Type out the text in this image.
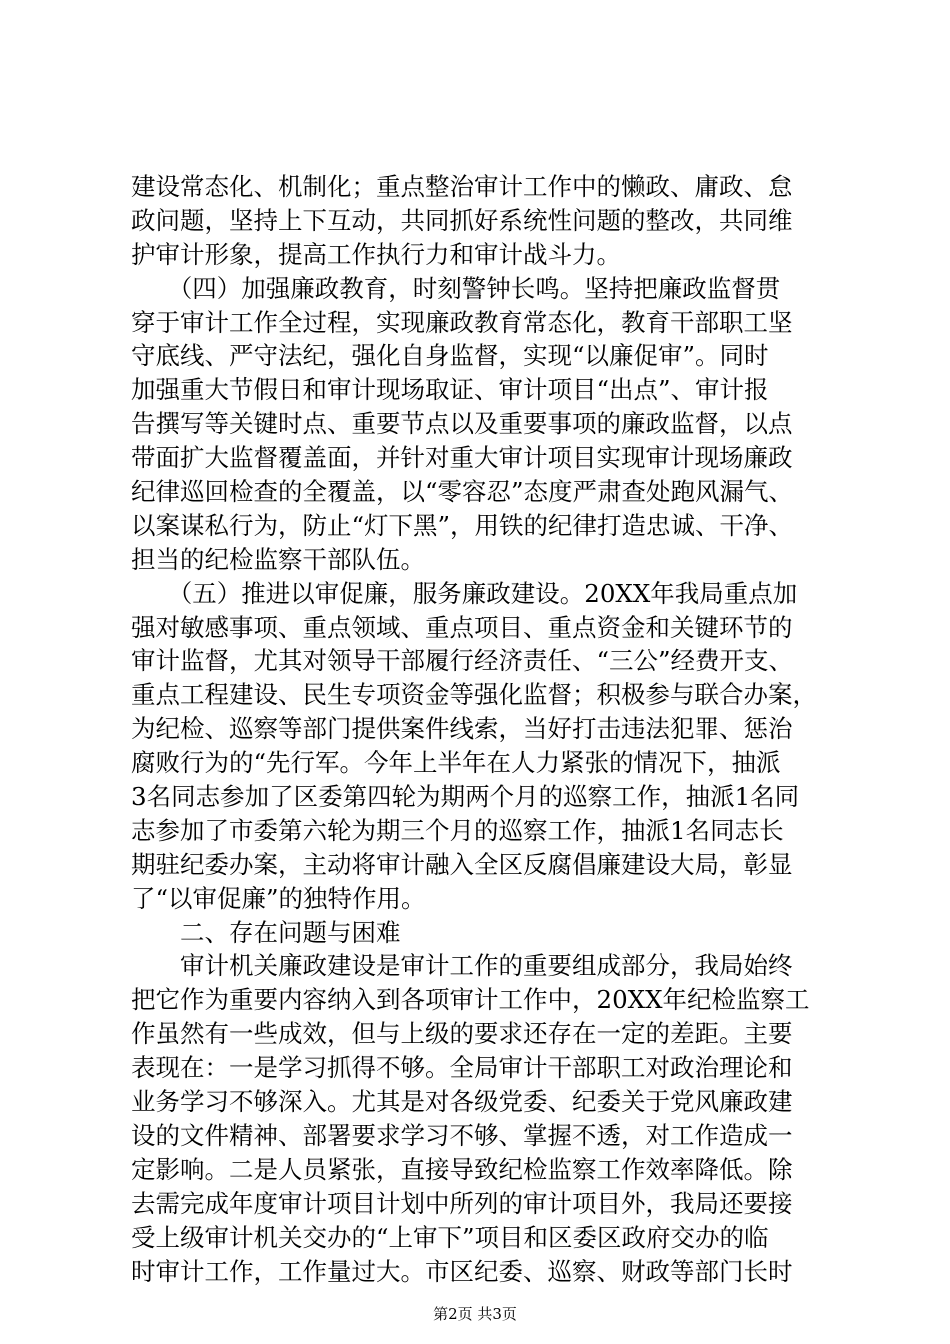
建设常态化、机制化；重点整治审计工作中的懒政、庸政、怠
政问题，坚持上下互动，共同抓好系统性问题的整改，共同维
护审计形象，提高工作执行力和审计战斗力。
　　（四）加强廉政教育，时刻警钟长鸣。坚持把廉政监督贯
穿于审计工作全过程，实现廉政教育常态化，教育干部职工坚
守底线、严守法纪，强化自身监督，实现“以廉促审”。同时
加强重大节假日和审计现场取证、审计项目“出点”、审计报
告撰写等关键时点、重要节点以及重要事项的廉政监督，以点
带面扩大监督覆盖面，并针对重大审计项目实现审计现场廉政
纪律巡回检查的全覆盖，以“零容忍”态度严肃查处跑风漏气、
以案谋私行为，防止“灯下黑”，用铁的纪律打造忠诚、干净、
担当的纪检监察干部队伍。
　　（五）推进以审促廉，服务廉政建设。20XX年我局重点加
强对敏感事项、重点领域、重点项目、重点资金和关键环节的
审计监督，尤其对领导干部履行经济责任、“三公”经费开支、
重点工程建设、民生专项资金等强化监督；积极参与联合办案，
为纪检、巡察等部门提供案件线索，当好打击违法犯罪、惩治
腐败行为的“先行军。今年上半年在人力紧张的情况下，抽派
3名同志参加了区委第四轮为期两个月的巡察工作，抽派1名同
志参加了市委第六轮为期三个月的巡察工作，抽派1名同志长
期驻纪委办案，主动将审计融入全区反腐倡廉建设大局，彰显
了“以审促廉”的独特作用。
　　二、存在问题与困难
　　审计机关廉政建设是审计工作的重要组成部分，我局始终
把它作为重要内容纳入到各项审计工作中，20XX年纪检监察工
作虽然有一些成效，但与上级的要求还存在一定的差距。主要
表现在：一是学习抓得不够。全局审计干部职工对政治理论和
业务学习不够深入。尤其是对各级党委、纪委关于党风廉政建
设的文件精神、部署要求学习不够、掌握不透，对工作造成一
定影响。二是人员紧张，直接导致纪检监察工作效率降低。除
去需完成年度审计项目计划中所列的审计项目外，我局还要接
受上级审计机关交办的“上审下”项目和区委区政府交办的临
时审计工作，工作量过大。市区纪委、巡察、财政等部门长时
第2页 共3页
